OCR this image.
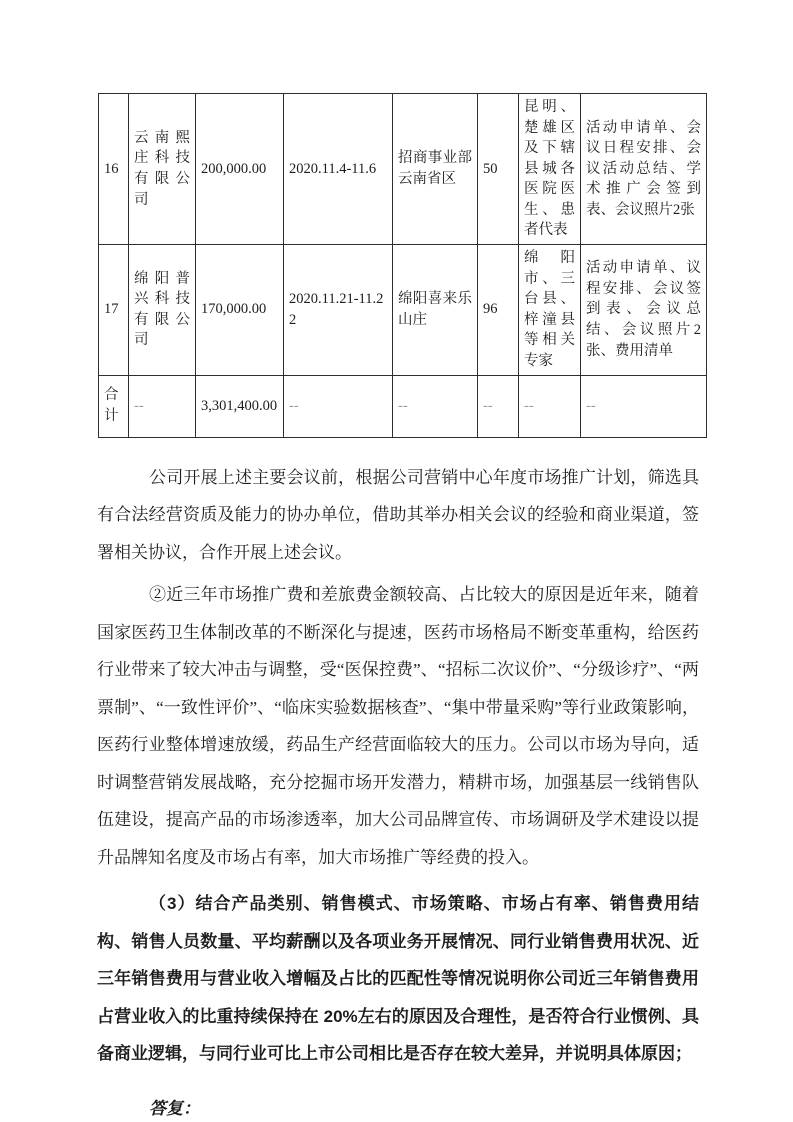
16	云南熙庄科技有限公司	200,000.00	2020.11.4-11.6	招商事业部云南省区	50	昆明、楚雄区及下辖县城各医院医生、患者代表	活动申请单、会议日程安排、会议活动总结、学术推广会签到表、会议照片2张
17	绵阳普兴科技有限公司	170,000.00	2020.11.21-11.22	绵阳喜来乐山庄	96	绵阳市、三台县、梓潼县等相关专家	活动申请单、议程安排、会议签到表、会议总结、会议照片2张、费用清单
合计	--	3,301,400.00	--	--	--	--	--

公司开展上述主要会议前，根据公司营销中心年度市场推广计划，筛选具有合法经营资质及能力的协办单位，借助其举办相关会议的经验和商业渠道，签署相关协议，合作开展上述会议。

②近三年市场推广费和差旅费金额较高、占比较大的原因是近年来，随着国家医药卫生体制改革的不断深化与提速，医药市场格局不断变革重构，给医药行业带来了较大冲击与调整，受“医保控费”、“招标二次议价”、“分级诊疗”、“两票制”、“一致性评价”、“临床实验数据核查”、“集中带量采购”等行业政策影响，医药行业整体增速放缓，药品生产经营面临较大的压力。公司以市场为导向，适时调整营销发展战略，充分挖掘市场开发潜力，精耕市场，加强基层一线销售队伍建设，提高产品的市场渗透率，加大公司品牌宣传、市场调研及学术建设以提升品牌知名度及市场占有率，加大市场推广等经费的投入。

（3）结合产品类别、销售模式、市场策略、市场占有率、销售费用结构、销售人员数量、平均薪酬以及各项业务开展情况、同行业销售费用状况、近三年销售费用与营业收入增幅及占比的匹配性等情况说明你公司近三年销售费用占营业收入的比重持续保持在 20%左右的原因及合理性，是否符合行业惯例、具备商业逻辑，与同行业可比上市公司相比是否存在较大差异，并说明具体原因；

答复：
